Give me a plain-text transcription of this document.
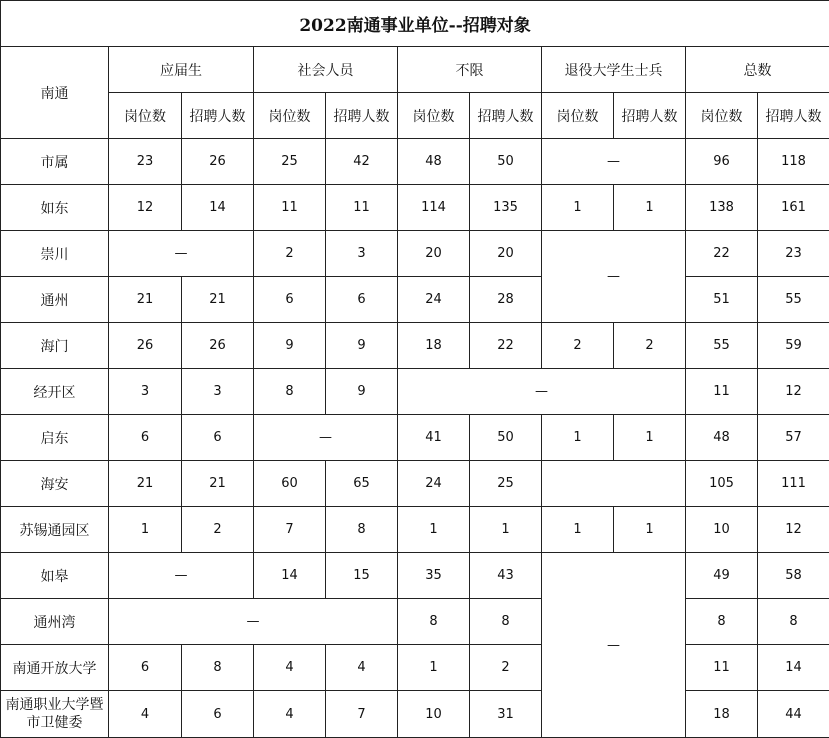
2022南通事业单位--招聘对象										
南通	应届生		社会人员		不限		退役大学生士兵		总数	
	岗位数	招聘人数	岗位数	招聘人数	岗位数	招聘人数	岗位数	招聘人数	岗位数	招聘人数
市属	23	26	25	42	48	50	—		96	118
如东	12	14	11	11	114	135	1	1	138	161
崇川	—		2	3	20	20	—		22	23
通州	21	21	6	6	24	28			51	55
海门	26	26	9	9	18	22	2	2	55	59
经开区	3	3	8	9	—				11	12
启东	6	6	—		41	50	1	1	48	57
海安	21	21	60	65	24	25			105	111
苏锡通园区	1	2	7	8	1	1	1	1	10	12
如皋	—		14	15	35	43	—		49	58
通州湾	—				8	8			8	8
南通开放大学	6	8	4	4	1	2			11	14
南通职业大学暨市卫健委	4	6	4	7	10	31			18	44
